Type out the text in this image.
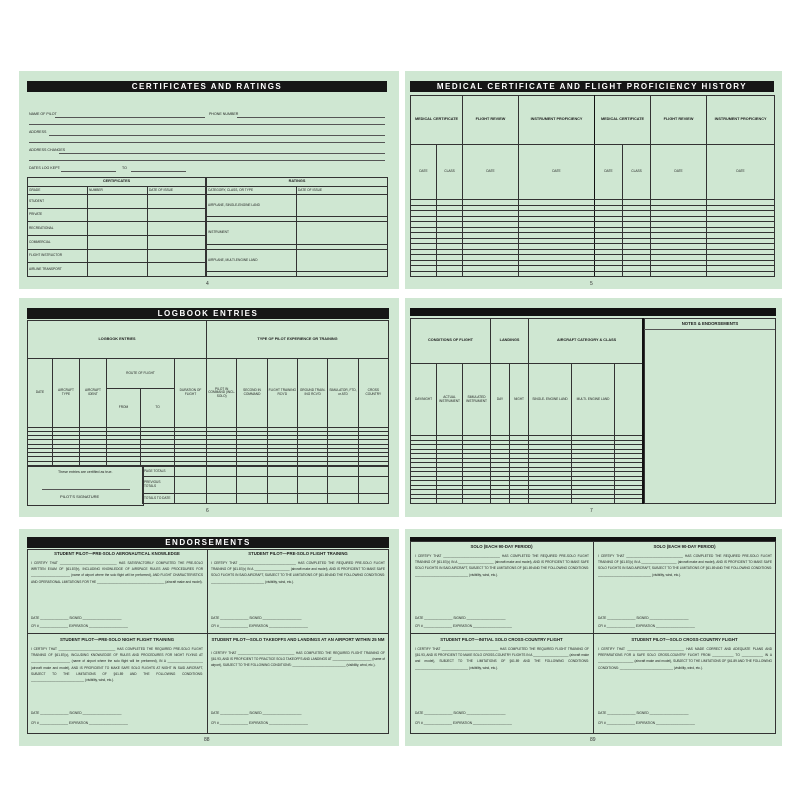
CERTIFICATES AND RATINGS
NAME OF PILOT	PHONE NUMBER
ADDRESS
ADDRESS CHANGES
DATES LOG KEPT:	TO
CERTIFICATES		
GRADE	NUMBER	DATE OF ISSUE
STUDENT		
PRIVATE		
RECREATIONAL		
COMMERCIAL		
FLIGHT INSTRUCTOR		
AIRLINE TRANSPORT		
RATINGS	
CATEGORY, CLASS, OR TYPE	DATE OF ISSUE
AIRPLANE, SINGLE-ENGINE LAND	

INSTRUMENT	

AIRPLANE, MULTI-ENGINE LAND	

4
MEDICAL CERTIFICATE AND FLIGHT PROFICIENCY HISTORY
MEDICAL CERTIFICATE		FLIGHT REVIEW	INSTRUMENT PROFICIENCY	MEDICAL CERTIFICATE		FLIGHT REVIEW	INSTRUMENT PROFICIENCY
DATE	CLASS	DATE	DATE	DATE	CLASS	DATE	DATE

5
LOGBOOK ENTRIES
LOGBOOK ENTRIES					
DATE	AIRCRAFT TYPE	AIRCRAFT IDENT	ROUTE OF FLIGHT		DURATION OF FLIGHT
			FROM	TO	

TYPE OF PILOT EXPERIENCE OR TRAINING					
PILOT IN COMMAND (INCL. SOLO)	SECOND IN COMMAND	FLIGHT TRAINING RCV'D	GROUND TRAIN- ING RCV'D	SIMULATOR, FTD, or ATD	CROSS COUNTRY

These entries are certified as true.
PILOT'S SIGNATURE
PAGE TOTALS							
PREVIOUS TOTALS							
TOTALS TO DATE							
6
CONDITIONS OF FLIGHT			LANDINGS		AIRCRAFT CATEGORY & CLASS		
DAY/NIGHT	ACTUAL INSTRUMENT	SIMULATED INSTRUMENT	DAY	NIGHT	SINGLE- ENGINE LAND	MULTI- ENGINE LAND	

NOTES & ENDORSEMENTS
7
ENDORSEMENTS
STUDENT PILOT—PRE-SOLO AERONAUTICAL KNOWLEDGE
I CERTIFY THAT ________________________________ HAS SATISFACTORILY COMPLETED THE PRE-SOLO WRITTEN EXAM OF §61.87(b), INCLUDING KNOWLEDGE OF AIRSPACE RULES AND PROCEDURES FOR ______________________ (name of airport where the solo flight will be preformed), AND FLIGHT CHARACTERISTICS AND OPERATIONAL LIMITATIONS FOR THE ______________________________________ (aircraft make and model).
DATE ________________ SIGNED ______________________
CFI # ________________ EXPIRATION ______________________
STUDENT PILOT—PRE-SOLO FLIGHT TRAINING
I CERTIFY THAT ________________________________ HAS COMPLETED THE REQUIRED PRE-SOLO FLIGHT TRAINING OF §61.87(c) IN A ____________________ (aircraft make and model), AND IS PROFICIENT TO MAKE SAFE SOLO FLIGHTS IN SAID AIRCRAFT, SUBJECT TO THE LIMITATIONS OF §61.89 AND THE FOLLOWING CONDITIONS: ______________________________ (visibility, wind, etc.).
DATE ________________ SIGNED ______________________
CFI # ________________ EXPIRATION ______________________
STUDENT PILOT—PRE-SOLO NIGHT FLIGHT TRAINING
I CERTIFY THAT ________________________________ HAS COMPLETED THE REQUIRED PRE-SOLO FLIGHT TRAINING OF §61.87(o), INCLUDING KNOWLEDGE OF RULES AND PROCEDURES FOR NIGHT FLYING AT ______________________ (name of airport where the solo flight will be preformed), IN A ____________________ (aircraft make and model), AND IS PROFICIENT TO MAKE SAFE SOLO FLIGHTS AT NIGHT IN SAID AIRCRAFT, SUBJECT TO THE LIMITATIONS OF §61.89 AND THE FOLLOWING CONDITIONS: ______________________________ (visibility, wind, etc.).
DATE ________________ SIGNED ______________________
CFI # ________________ EXPIRATION ______________________
STUDENT PILOT—SOLO TAKEOFFS AND LANDINGS AT AN AIRPORT WITHIN 25 NM
I CERTIFY THAT ________________________________ HAS COMPLETED THE REQUIRED FLIGHT TRAINING OF §61.93, AND IS PROFICIENT TO PRACTICE SOLO TAKEOFFS AND LANDINGS AT ______________________ (name of airport), SUBJECT TO THE FOLLOWING CONDITIONS: ______________________________ (visibility, wind, etc.).
DATE ________________ SIGNED ______________________
CFI # ________________ EXPIRATION ______________________
88
SOLO (EACH 90-DAY PERIOD)
I CERTIFY THAT ________________________________ HAS COMPLETED THE REQUIRED PRE-SOLO FLIGHT TRAINING OF §61.87(c) IN A ____________________ (aircraft make and model), AND IS PROFICIENT TO MAKE SAFE SOLO FLIGHTS IN SAID AIRCRAFT, SUBJECT TO THE LIMITATIONS OF §61.89 AND THE FOLLOWING CONDITIONS: ______________________________ (visibility, wind, etc.).
DATE ________________ SIGNED ______________________
CFI # ________________ EXPIRATION ______________________
SOLO (EACH 90-DAY PERIOD)
I CERTIFY THAT ________________________________ HAS COMPLETED THE REQUIRED PRE-SOLO FLIGHT TRAINING OF §61.87(c) IN A ____________________ (aircraft make and model), AND IS PROFICIENT TO MAKE SAFE SOLO FLIGHTS IN SAID AIRCRAFT, SUBJECT TO THE LIMITATIONS OF §61.89 AND THE FOLLOWING CONDITIONS: ______________________________ (visibility, wind, etc.).
DATE ________________ SIGNED ______________________
CFI # ________________ EXPIRATION ______________________
STUDENT PILOT—INITIAL SOLO CROSS-COUNTRY FLIGHT
I CERTIFY THAT ________________________________ HAS COMPLETED THE REQUIRED FLIGHT TRAINING OF §61.93, AND IS PROFICIENT TO MAKE SOLO CROSS-COUNTRY FLIGHTS IN A ____________________ (aircraft make and model), SUBJECT TO THE LIMITATIONS OF §61.89 AND THE FOLLOWING CONDITIONS: ______________________________ (visibility, wind, etc.).
DATE ________________ SIGNED ______________________
CFI # ________________ EXPIRATION ______________________
STUDENT PILOT—SOLO CROSS-COUNTRY FLIGHT
I CERTIFY THAT ________________________________ HAS MADE CORRECT AND ADEQUATE PLANS AND PREPARATIONS FOR A SAFE SOLO CROSS-COUNTRY FLIGHT FROM ____________ TO ____________ IN A ____________________ (aircraft make and model), SUBJECT TO THE LIMITATIONS OF §61.89 AND THE FOLLOWING CONDITIONS: ______________________________ (visibility, wind, etc.).
DATE ________________ SIGNED ______________________
CFI # ________________ EXPIRATION ______________________
89
